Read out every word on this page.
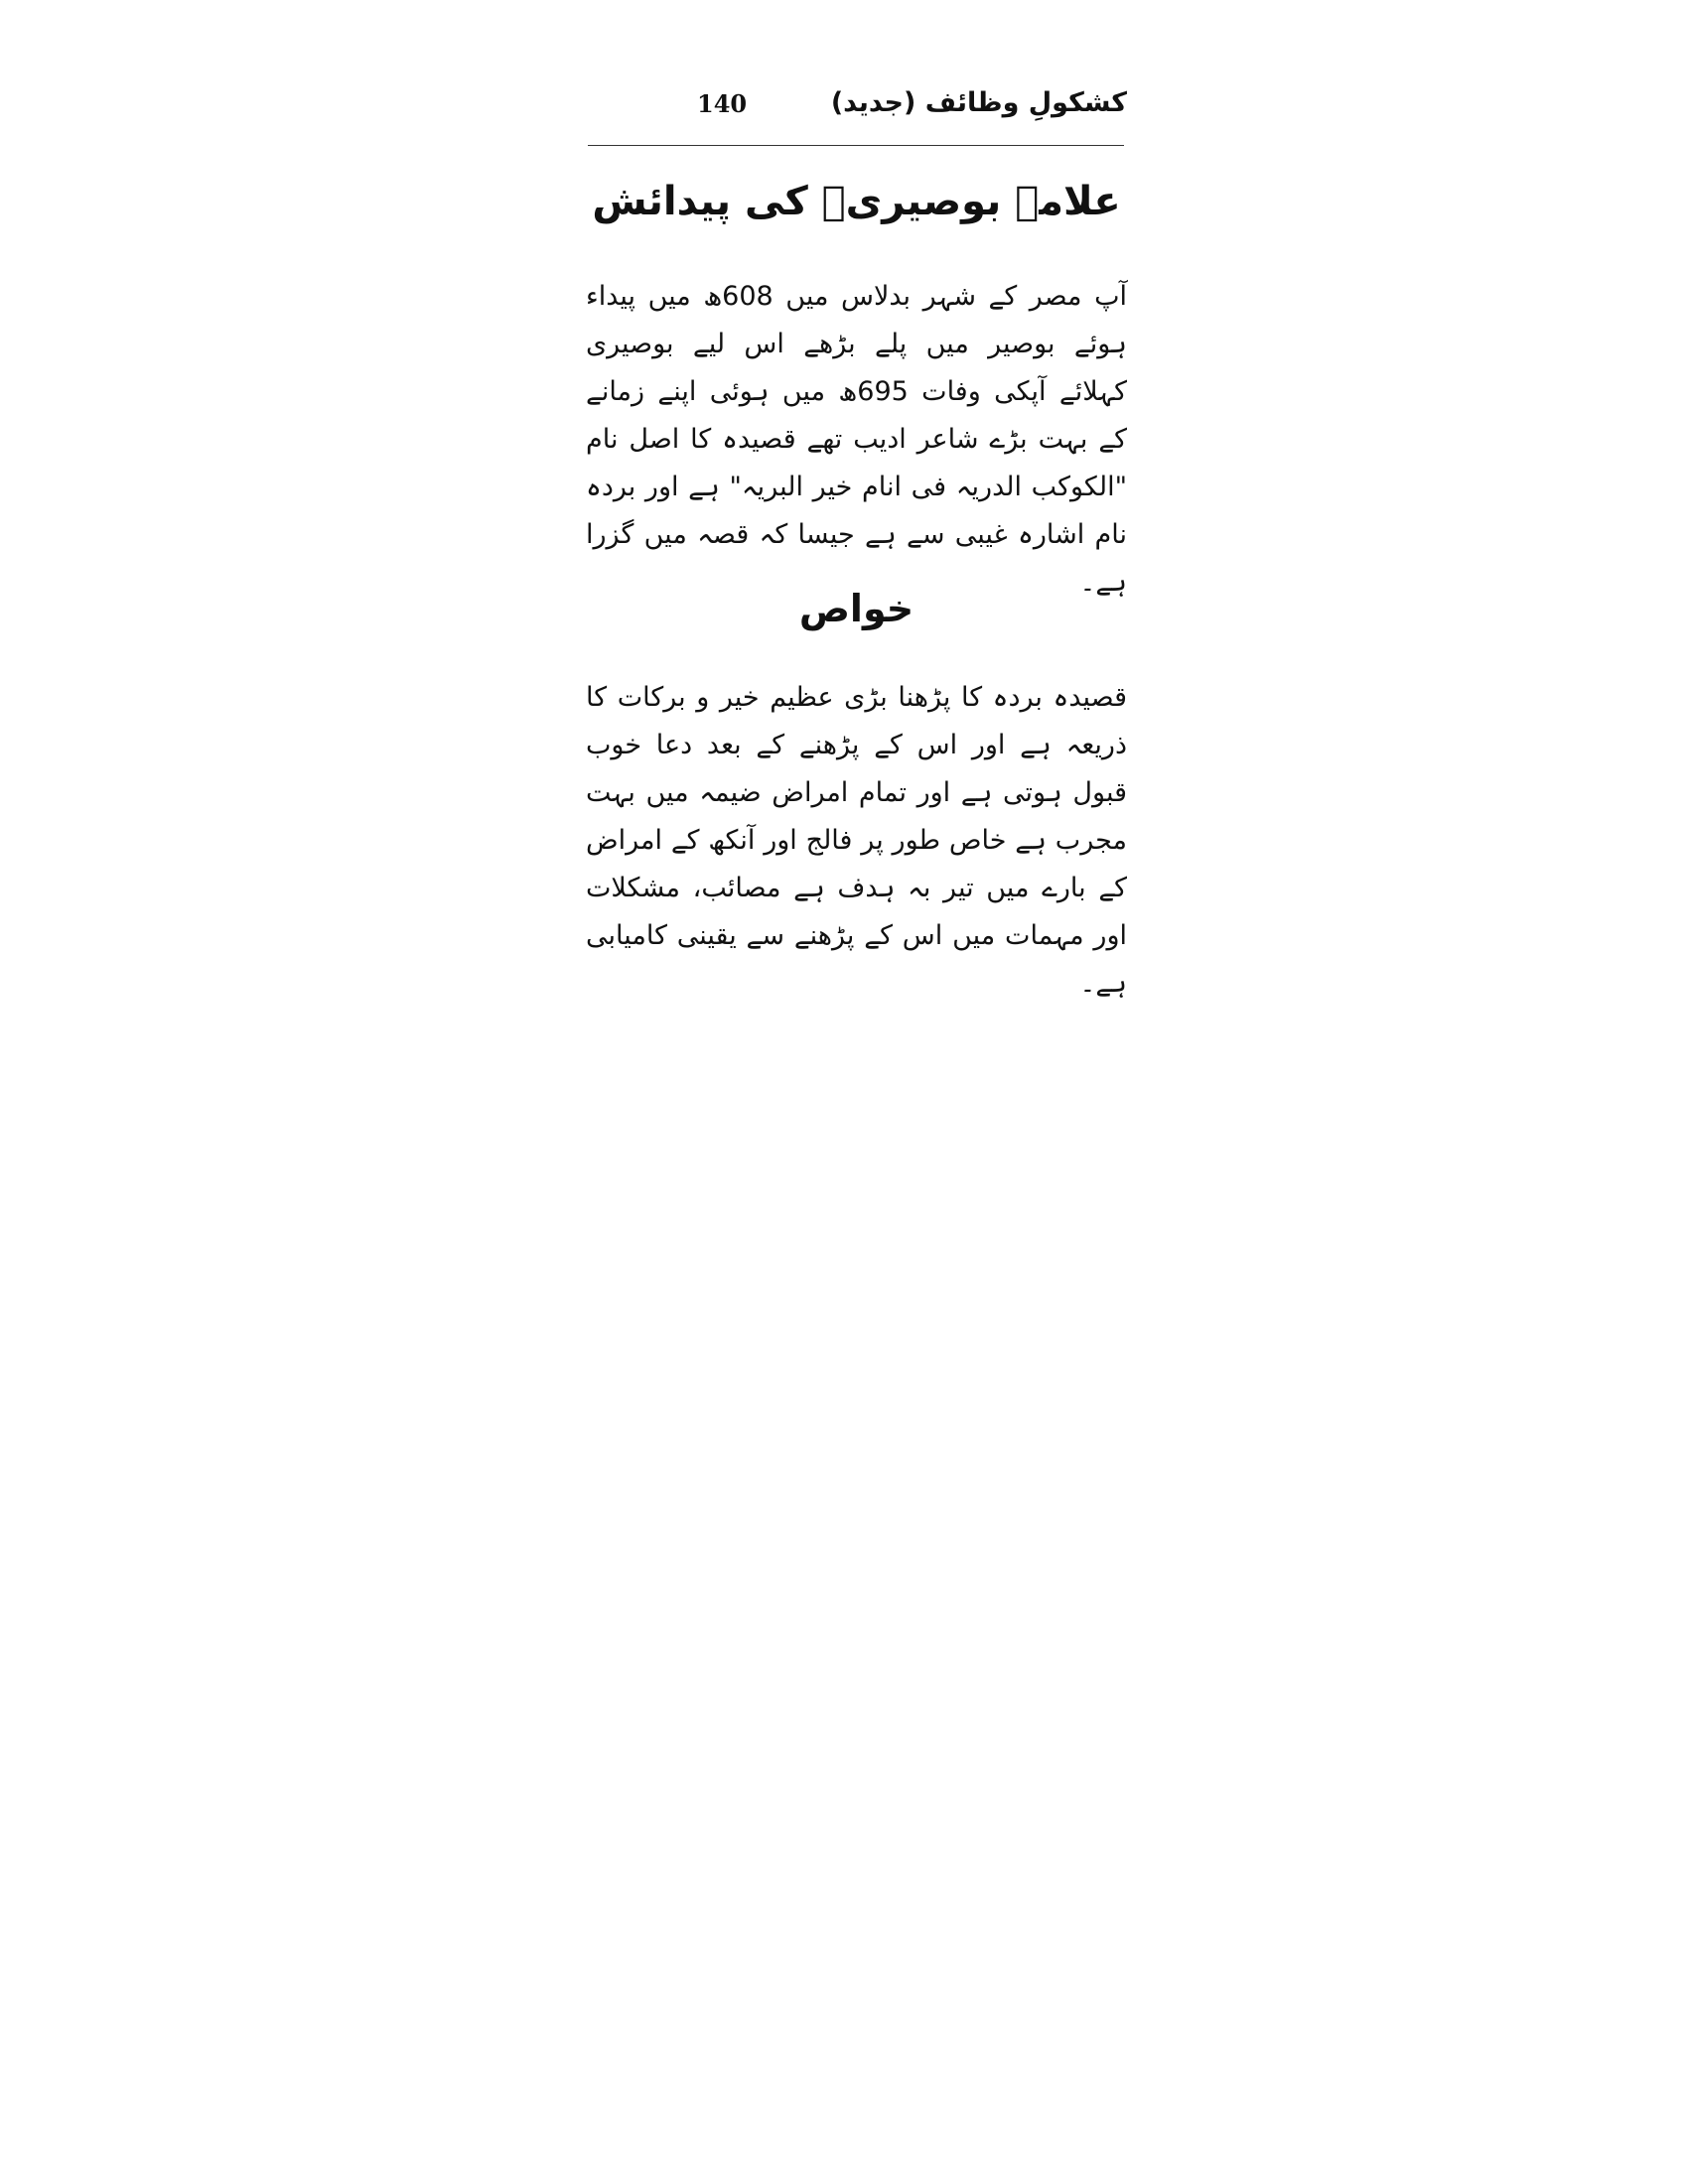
کشکولِ وظائف (جدید)
140
علامہ بوصیریؒ کی پیدائش

آپ مصر کے شہر بدلاس میں 608ھ میں پیداء ہوئے بوصیر میں پلے بڑھے اس لیے بوصیری کہلائے آپکی وفات 695ھ میں ہوئی اپنے زمانے کے بہت بڑے شاعر ادیب تھے قصیدہ کا اصل نام "الکوکب الدریہ فی انام خیر البریہ" ہے اور بردہ نام اشارہ غیبی سے ہے جیسا کہ قصہ میں گزرا ہے۔

خواص

قصیدہ بردہ کا پڑھنا بڑی عظیم خیر و برکات کا ذریعہ ہے اور اس کے پڑھنے کے بعد دعا خوب قبول ہوتی ہے اور تمام امراض ضیمہ میں بہت مجرب ہے خاص طور پر فالج اور آنکھ کے امراض کے بارے میں تیر بہ ہدف ہے مصائب، مشکلات اور مہمات میں اس کے پڑھنے سے یقینی کامیابی ہے۔
